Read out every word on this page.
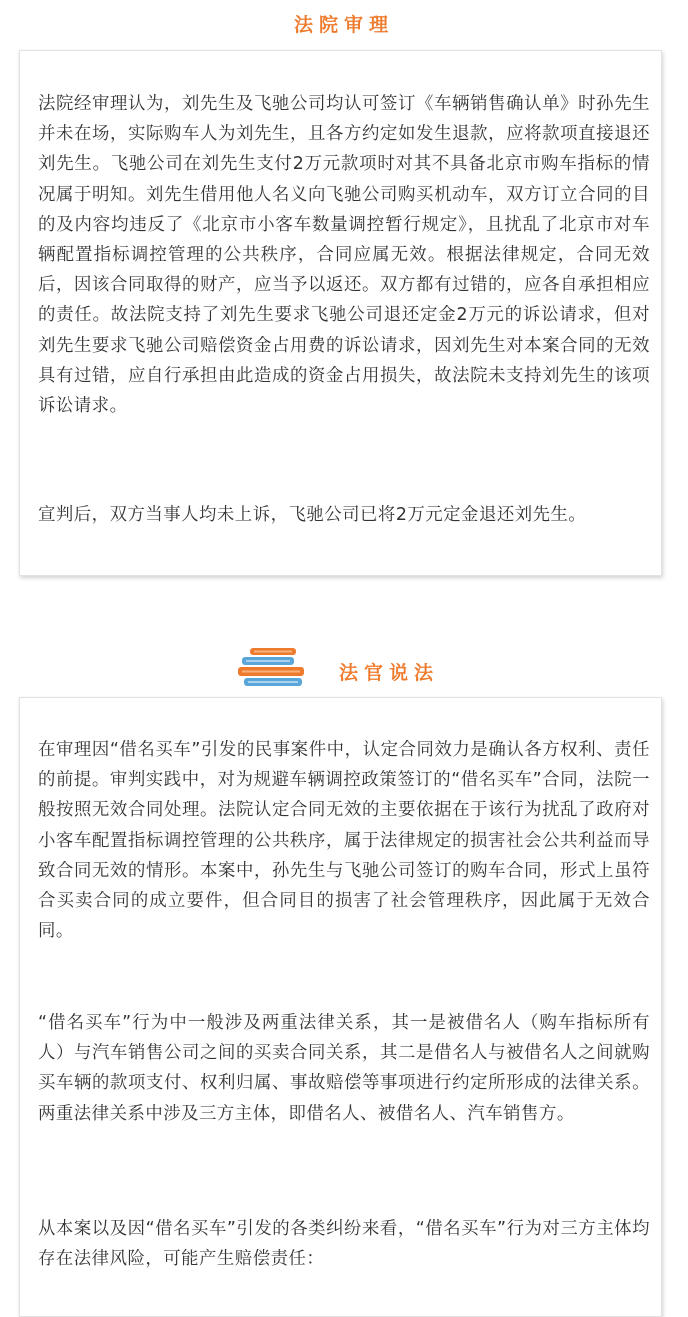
法院审理

法院经审理认为，刘先生及飞驰公司均认可签订《车辆销售确认单》时孙先生并未在场，实际购车人为刘先生，且各方约定如发生退款，应将款项直接退还刘先生。飞驰公司在刘先生支付2万元款项时对其不具备北京市购车指标的情况属于明知。刘先生借用他人名义向飞驰公司购买机动车，双方订立合同的目的及内容均违反了《北京市小客车数量调控暂行规定》，且扰乱了北京市对车辆配置指标调控管理的公共秩序，合同应属无效。根据法律规定，合同无效后，因该合同取得的财产，应当予以返还。双方都有过错的，应各自承担相应的责任。故法院支持了刘先生要求飞驰公司退还定金2万元的诉讼请求，但对刘先生要求飞驰公司赔偿资金占用费的诉讼请求，因刘先生对本案合同的无效具有过错，应自行承担由此造成的资金占用损失，故法院未支持刘先生的该项诉讼请求。

宣判后，双方当事人均未上诉，飞驰公司已将2万元定金退还刘先生。

法官说法

在审理因“借名买车”引发的民事案件中，认定合同效力是确认各方权利、责任的前提。审判实践中，对为规避车辆调控政策签订的“借名买车”合同，法院一般按照无效合同处理。法院认定合同无效的主要依据在于该行为扰乱了政府对小客车配置指标调控管理的公共秩序，属于法律规定的损害社会公共利益而导致合同无效的情形。本案中，孙先生与飞驰公司签订的购车合同，形式上虽符合买卖合同的成立要件，但合同目的损害了社会管理秩序，因此属于无效合同。

“借名买车”行为中一般涉及两重法律关系，其一是被借名人（购车指标所有人）与汽车销售公司之间的买卖合同关系，其二是借名人与被借名人之间就购买车辆的款项支付、权利归属、事故赔偿等事项进行约定所形成的法律关系。两重法律关系中涉及三方主体，即借名人、被借名人、汽车销售方。

从本案以及因“借名买车”引发的各类纠纷来看，“借名买车”行为对三方主体均存在法律风险，可能产生赔偿责任：
